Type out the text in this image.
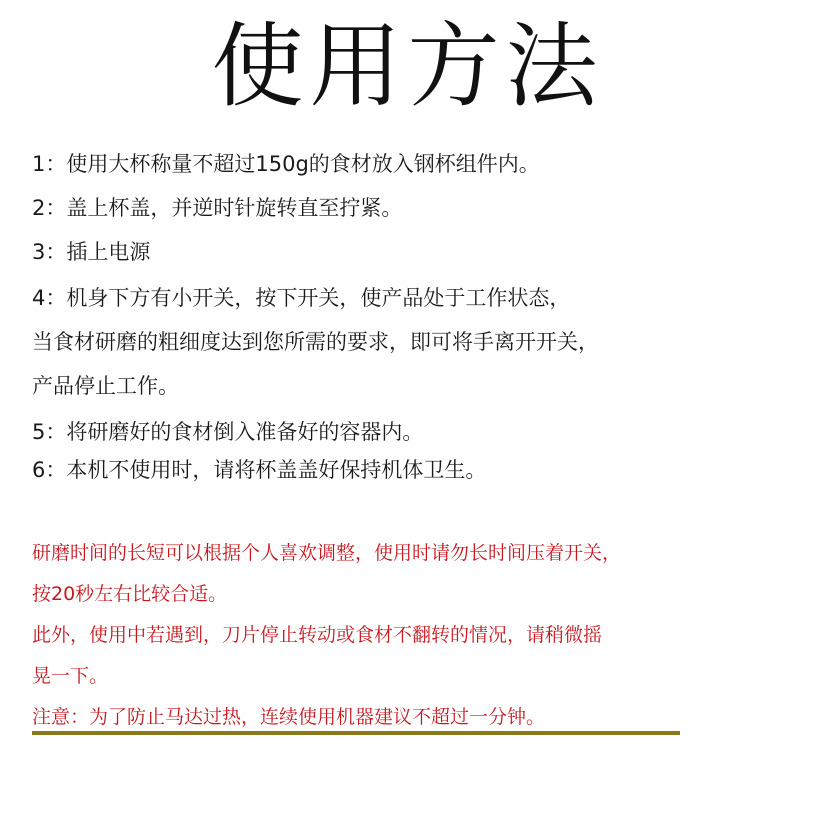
使用方法

1：使用大杯称量不超过150g的食材放入钢杯组件内。

2：盖上杯盖，并逆时针旋转直至拧紧。

3：插上电源

4：机身下方有小开关，按下开关，使产品处于工作状态，

当食材研磨的粗细度达到您所需的要求，即可将手离开开关，

产品停止工作。

5：将研磨好的食材倒入准备好的容器内。

6：本机不使用时，请将杯盖盖好保持机体卫生。

研磨时间的长短可以根据个人喜欢调整，使用时请勿长时间压着开关，

按20秒左右比较合适。

此外，使用中若遇到，刀片停止转动或食材不翻转的情况，请稍微摇

晃一下。

注意：为了防止马达过热，连续使用机器建议不超过一分钟。
